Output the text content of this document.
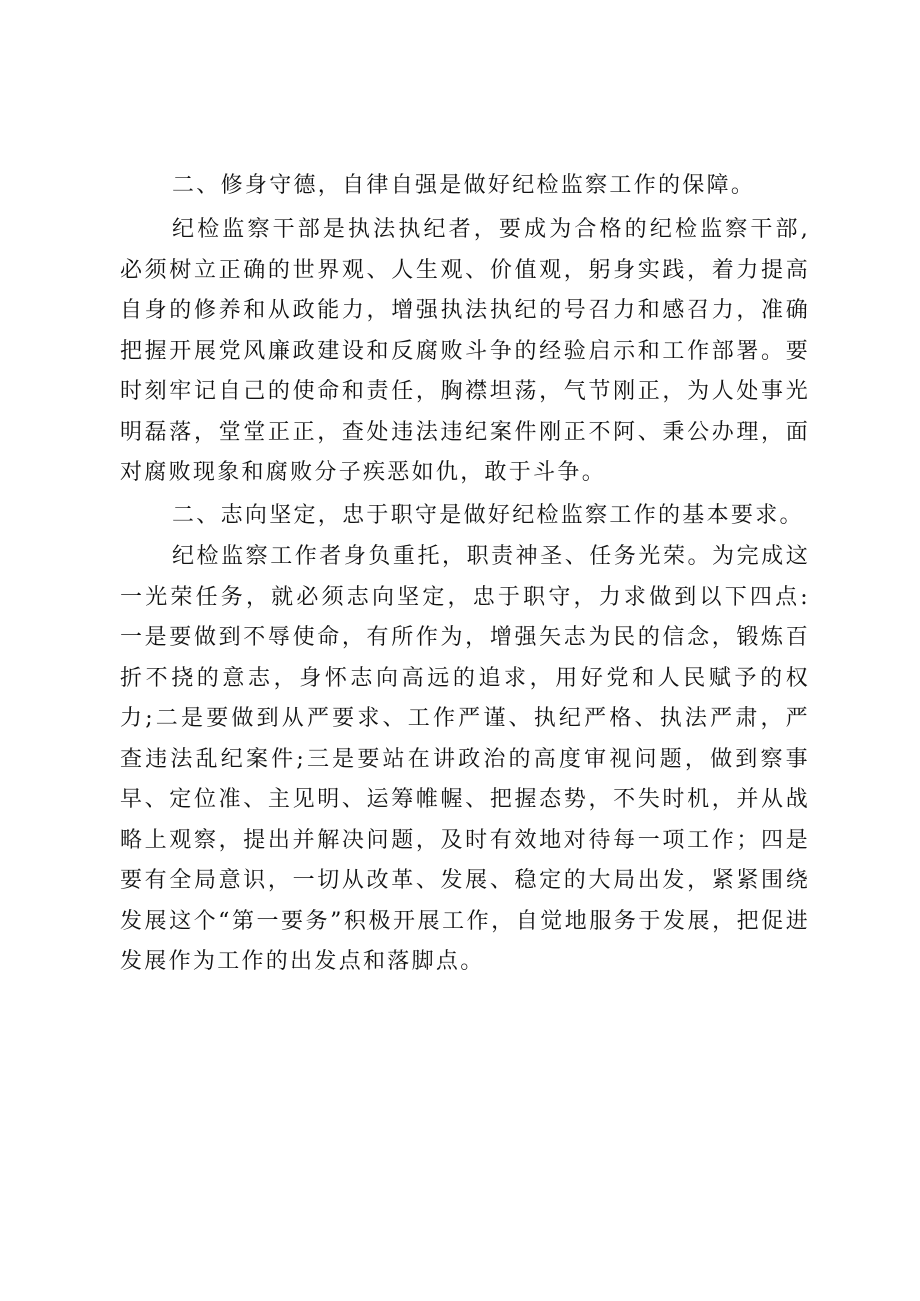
二、修身守德，自律自强是做好纪检监察工作的保障。

纪检监察干部是执法执纪者，要成为合格的纪检监察干部,必须树立正确的世界观、人生观、价值观，躬身实践，着力提高自身的修养和从政能力，增强执法执纪的号召力和感召力，准确把握开展党风廉政建设和反腐败斗争的经验启示和工作部署。要时刻牢记自己的使命和责任，胸襟坦荡，气节刚正，为人处事光明磊落，堂堂正正，查处违法违纪案件刚正不阿、秉公办理，面对腐败现象和腐败分子疾恶如仇，敢于斗争。

二、志向坚定，忠于职守是做好纪检监察工作的基本要求。

纪检监察工作者身负重托，职责神圣、任务光荣。为完成这一光荣任务，就必须志向坚定，忠于职守，力求做到以下四点:一是要做到不辱使命，有所作为，增强矢志为民的信念，锻炼百折不挠的意志，身怀志向高远的追求，用好党和人民赋予的权力;二是要做到从严要求、工作严谨、执纪严格、执法严肃，严查违法乱纪案件;三是要站在讲政治的高度审视问题，做到察事早、定位准、主见明、运筹帷幄、把握态势，不失时机，并从战略上观察，提出并解决问题，及时有效地对待每一项工作；四是要有全局意识，一切从改革、发展、稳定的大局出发，紧紧围绕发展这个“第一要务”积极开展工作，自觉地服务于发展，把促进发展作为工作的出发点和落脚点。
